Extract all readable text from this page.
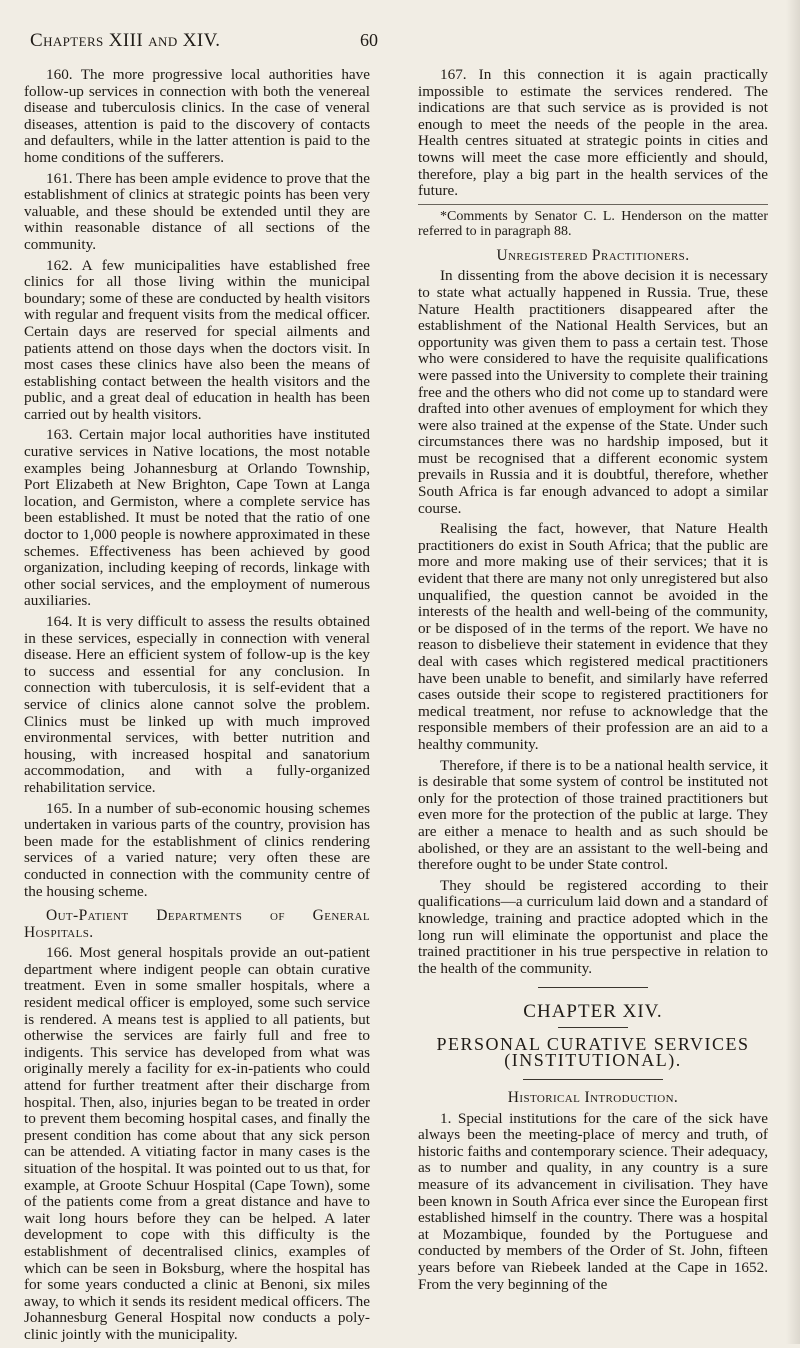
Chapters XIII and XIV.	60

160. The more progressive local authorities have follow-up services in connection with both the venereal disease and tuberculosis clinics. In the case of veneral diseases, attention is paid to the discovery of contacts and defaulters, while in the latter attention is paid to the home conditions of the sufferers.

161. There has been ample evidence to prove that the establishment of clinics at strategic points has been very valuable, and these should be extended until they are within reasonable distance of all sections of the community.

162. A few municipalities have established free clinics for all those living within the municipal boundary; some of these are conducted by health visitors with regular and frequent visits from the medical officer. Certain days are reserved for special ailments and patients attend on those days when the doctors visit. In most cases these clinics have also been the means of establishing contact between the health visitors and the public, and a great deal of education in health has been carried out by health visitors.

163. Certain major local authorities have instituted curative services in Native locations, the most notable examples being Johannesburg at Orlando Township, Port Elizabeth at New Brighton, Cape Town at Langa location, and Germiston, where a complete service has been established. It must be noted that the ratio of one doctor to 1,000 people is nowhere approximated in these schemes. Effectiveness has been achieved by good organization, including keeping of records, linkage with other social services, and the employment of numerous auxiliaries.

164. It is very difficult to assess the results obtained in these services, especially in connection with veneral disease. Here an efficient system of follow-up is the key to success and essential for any conclusion. In connection with tuberculosis, it is self-evident that a service of clinics alone cannot solve the problem. Clinics must be linked up with much improved environmental services, with better nutrition and housing, with increased hospital and sanatorium accommodation, and with a fully-organized rehabilitation service.

165. In a number of sub-economic housing schemes undertaken in various parts of the country, provision has been made for the establishment of clinics rendering services of a varied nature; very often these are conducted in connection with the community centre of the housing scheme.

Out-Patient Departments of General Hospitals.

166. Most general hospitals provide an out-patient department where indigent people can obtain curative treatment. Even in some smaller hospitals, where a resident medical officer is employed, some such service is rendered. A means test is applied to all patients, but otherwise the services are fairly full and free to indigents. This service has developed from what was originally merely a facility for ex-in-patients who could attend for further treatment after their discharge from hospital. Then, also, injuries began to be treated in order to prevent them becoming hospital cases, and finally the present condition has come about that any sick person can be attended. A vitiating factor in many cases is the situation of the hospital. It was pointed out to us that, for example, at Groote Schuur Hospital (Cape Town), some of the patients come from a great distance and have to wait long hours before they can be helped. A later development to cope with this difficulty is the establishment of decentralised clinics, examples of which can be seen in Boksburg, where the hospital has for some years conducted a clinic at Benoni, six miles away, to which it sends its resident medical officers. The Johannesburg General Hospital now conducts a poly-clinic jointly with the municipality.

167. In this connection it is again practically impossible to estimate the services rendered. The indications are that such service as is provided is not enough to meet the needs of the people in the area. Health centres situated at strategic points in cities and towns will meet the case more efficiently and should, therefore, play a big part in the health services of the future.

*Comments by Senator C. L. Henderson on the matter referred to in paragraph 88.

Unregistered Practitioners.

In dissenting from the above decision it is necessary to state what actually happened in Russia. True, these Nature Health practitioners disappeared after the establishment of the National Health Services, but an opportunity was given them to pass a certain test. Those who were considered to have the requisite qualifications were passed into the University to complete their training free and the others who did not come up to standard were drafted into other avenues of employment for which they were also trained at the expense of the State. Under such circumstances there was no hardship imposed, but it must be recognised that a different economic system prevails in Russia and it is doubtful, therefore, whether South Africa is far enough advanced to adopt a similar course.

Realising the fact, however, that Nature Health practitioners do exist in South Africa; that the public are more and more making use of their services; that it is evident that there are many not only unregistered but also unqualified, the question cannot be avoided in the interests of the health and well-being of the community, or be disposed of in the terms of the report. We have no reason to disbelieve their statement in evidence that they deal with cases which registered medical practitioners have been unable to benefit, and similarly have referred cases outside their scope to registered practitioners for medical treatment, nor refuse to acknowledge that the responsible members of their profession are an aid to a healthy community.

Therefore, if there is to be a national health service, it is desirable that some system of control be instituted not only for the protection of those trained practitioners but even more for the protection of the public at large. They are either a menace to health and as such should be abolished, or they are an assistant to the well-being and therefore ought to be under State control.

They should be registered according to their qualifications—a curriculum laid down and a standard of knowledge, training and practice adopted which in the long run will eliminate the opportunist and place the trained practitioner in his true perspective in relation to the health of the community.

CHAPTER XIV.
PERSONAL CURATIVE SERVICES (INSTITUTIONAL).
Historical Introduction.

1. Special institutions for the care of the sick have always been the meeting-place of mercy and truth, of historic faiths and contemporary science. Their adequacy, as to number and quality, in any country is a sure measure of its advancement in civilisation. They have been known in South Africa ever since the European first established himself in the country. There was a hospital at Mozambique, founded by the Portuguese and conducted by members of the Order of St. John, fifteen years before van Riebeek landed at the Cape in 1652. From the very beginning of the
